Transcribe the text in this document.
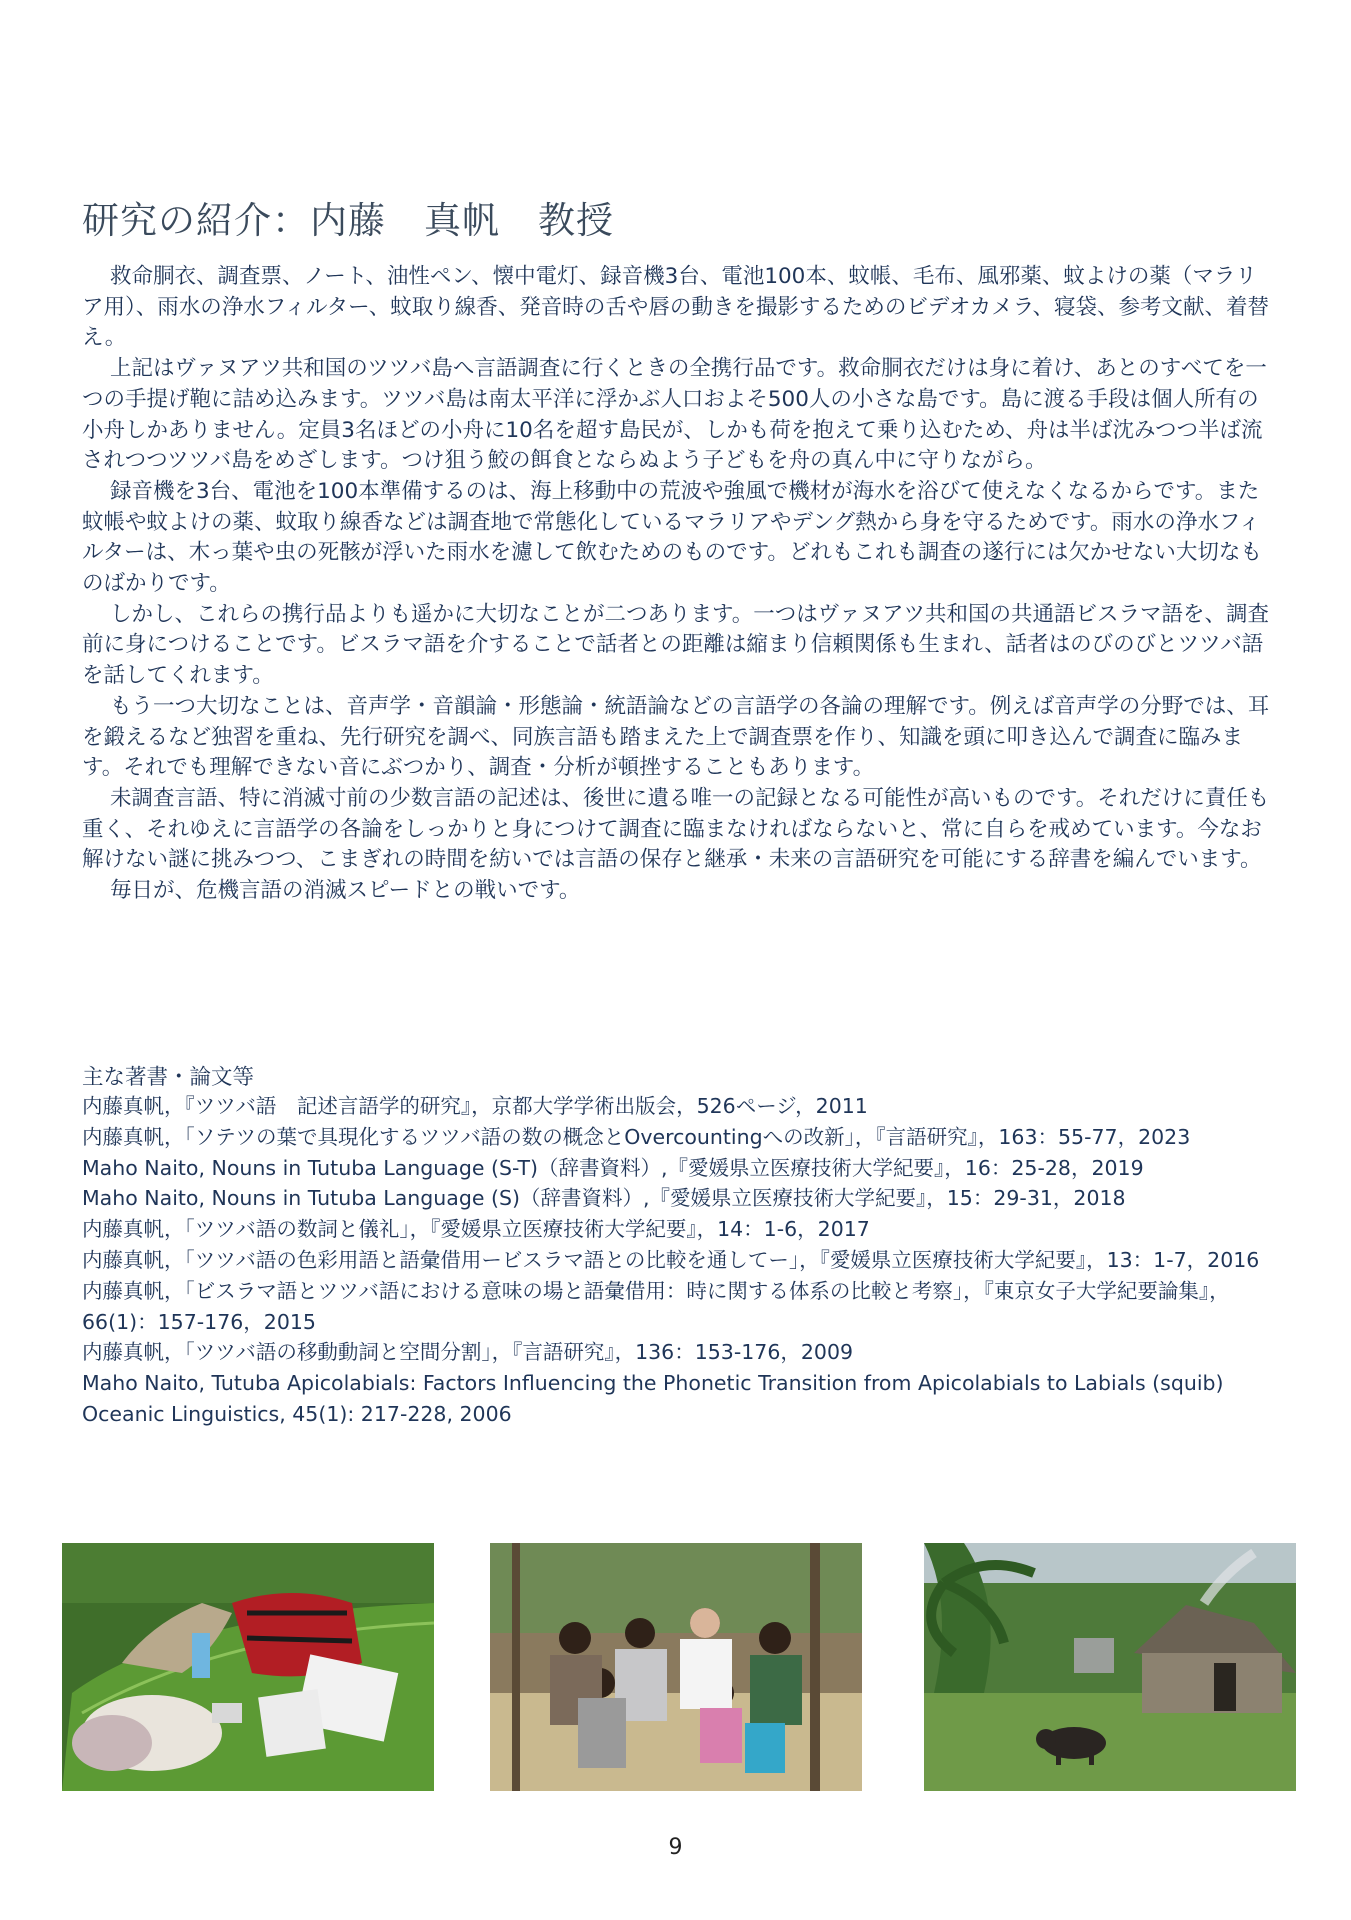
研究の紹介：内藤　真帆　教授

救命胴衣、調査票、ノート、油性ペン、懐中電灯、録音機3台、電池100本、蚊帳、毛布、風邪薬、蚊よけの薬（マラリア用）、雨水の浄水フィルター、蚊取り線香、発音時の舌や唇の動きを撮影するためのビデオカメラ、寝袋、参考文献、着替え。

上記はヴァヌアツ共和国のツツバ島へ言語調査に行くときの全携行品です。救命胴衣だけは身に着け、あとのすべてを一つの手提げ鞄に詰め込みます。ツツバ島は南太平洋に浮かぶ人口およそ500人の小さな島です。島に渡る手段は個人所有の小舟しかありません。定員3名ほどの小舟に10名を超す島民が、しかも荷を抱えて乗り込むため、舟は半ば沈みつつ半ば流されつつツツバ島をめざします。つけ狙う鮫の餌食とならぬよう子どもを舟の真ん中に守りながら。

録音機を3台、電池を100本準備するのは、海上移動中の荒波や強風で機材が海水を浴びて使えなくなるからです。また蚊帳や蚊よけの薬、蚊取り線香などは調査地で常態化しているマラリアやデング熱から身を守るためです。雨水の浄水フィルターは、木っ葉や虫の死骸が浮いた雨水を濾して飲むためのものです。どれもこれも調査の遂行には欠かせない大切なものばかりです。

しかし、これらの携行品よりも遥かに大切なことが二つあります。一つはヴァヌアツ共和国の共通語ビスラマ語を、調査前に身につけることです。ビスラマ語を介することで話者との距離は縮まり信頼関係も生まれ、話者はのびのびとツツバ語を話してくれます。

もう一つ大切なことは、音声学・音韻論・形態論・統語論などの言語学の各論の理解です。例えば音声学の分野では、耳を鍛えるなど独習を重ね、先行研究を調べ、同族言語も踏まえた上で調査票を作り、知識を頭に叩き込んで調査に臨みます。それでも理解できない音にぶつかり、調査・分析が頓挫することもあります。

未調査言語、特に消滅寸前の少数言語の記述は、後世に遺る唯一の記録となる可能性が高いものです。それだけに責任も重く、それゆえに言語学の各論をしっかりと身につけて調査に臨まなければならないと、常に自らを戒めています。今なお解けない謎に挑みつつ、こまぎれの時間を紡いでは言語の保存と継承・未来の言語研究を可能にする辞書を編んでいます。

毎日が、危機言語の消滅スピードとの戦いです。

主な著書・論文等
内藤真帆，『ツツバ語　記述言語学的研究』，京都大学学術出版会，526ページ，2011
内藤真帆，「ソテツの葉で具現化するツツバ語の数の概念とOvercountingへの改新」，『言語研究』，163：55-77，2023
Maho Naito, Nouns in Tutuba Language (S-T)（辞書資料）,『愛媛県立医療技術大学紀要』，16：25-28，2019
Maho Naito, Nouns in Tutuba Language (S)（辞書資料）,『愛媛県立医療技術大学紀要』，15：29-31，2018
内藤真帆，「ツツバ語の数詞と儀礼」，『愛媛県立医療技術大学紀要』，14：1-6，2017
内藤真帆，「ツツバ語の色彩用語と語彙借用ービスラマ語との比較を通してー」，『愛媛県立医療技術大学紀要』，13：1-7，2016
内藤真帆，「ビスラマ語とツツバ語における意味の場と語彙借用：時に関する体系の比較と考察」，『東京女子大学紀要論集』，66(1)：157-176，2015
内藤真帆，「ツツバ語の移動動詞と空間分割」，『言語研究』，136：153-176，2009
Maho Naito, Tutuba Apicolabials: Factors Influencing the Phonetic Transition from Apicolabials to Labials (squib) Oceanic Linguistics, 45(1): 217-228, 2006
9
